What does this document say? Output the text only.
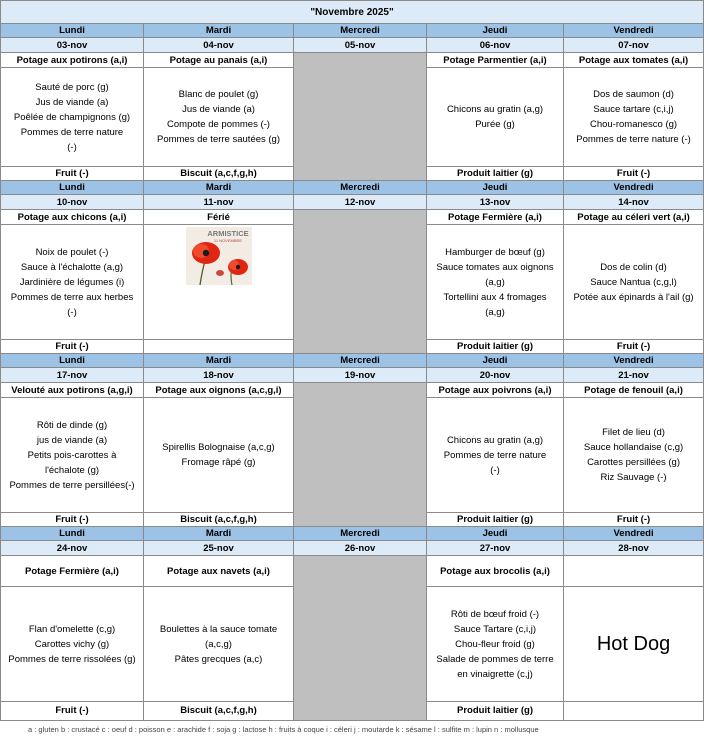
"Novembre 2025"				
Lundi	Mardi	Mercredi	Jeudi	Vendredi
03-nov	04-nov	05-nov	06-nov	07-nov
Potage aux potirons (a,i)	Potage au panais (a,i)		Potage Parmentier (a,i)	Potage aux tomates (a,i)

Sauté de porc (g)
Jus de viande (a)
Poêlée de champignons (g)
Pommes de terre nature
(-)	Blanc de poulet (g)
Jus de viande (a)
Compote de pommes (-)
Pommes de terre sautées (g)		Chicons au gratin (a,g)
Purée (g)	Dos de saumon (d)
Sauce tartare (c,i,j)
Chou-romanesco (g)
Pommes de terre nature (-)

Fruit (-)	Biscuit (a,c,f,g,h)		Produit laitier (g)	Fruit (-)
Lundi	Mardi	Mercredi	Jeudi	Vendredi
10-nov	11-nov	12-nov	13-nov	14-nov
Potage aux chicons (a,i)	Férié		Potage Fermière (a,i)	Potage au céleri vert (a,i)

Noix de poulet (-)
Sauce à l'échalotte (a,g)
Jardinière de légumes (i)
Pommes de terre aux herbes
(-)	ARMISTICE
11 NOVEMBRE		Hamburger de bœuf (g)
Sauce tomates aux oignons
(a,g)
Tortellini aux 4 fromages
(a,g)	Dos de colin (d)
Sauce Nantua (c,g,l)
Potée aux épinards à l'ail (g)

Fruit (-)			Produit laitier (g)	Fruit (-)
Lundi	Mardi	Mercredi	Jeudi	Vendredi
17-nov	18-nov	19-nov	20-nov	21-nov
Velouté aux potirons (a,g,i)	Potage aux oignons (a,c,g,i)		Potage aux poivrons (a,i)	Potage de fenouil (a,i)

Rôti de dinde (g)
jus de viande (a)
Petits pois-carottes à
l'échalote (g)
Pommes de terre persillées(-)	Spirellis Bolognaise (a,c,g)
Fromage râpé (g)		Chicons au gratin (a,g)
Pommes de terre nature
(-)	Filet de lieu (d)
Sauce hollandaise (c,g)
Carottes persillées (g)
Riz Sauvage (-)

Fruit (-)	Biscuit (a,c,f,g,h)		Produit laitier (g)	Fruit (-)
Lundi	Mardi	Mercredi	Jeudi	Vendredi
24-nov	25-nov	26-nov	27-nov	28-nov
Potage Fermière (a,i)	Potage aux navets (a,i)		Potage aux brocolis (a,i)	

Flan d'omelette (c,g)
Carottes vichy (g)
Pommes de terre rissolées (g)	Boulettes à la sauce tomate
(a,c,g)
Pâtes grecques (a,c)		Rôti de bœuf froid (-)
Sauce Tartare (c,i,j)
Chou-fleur froid (g)
Salade de pommes de terre
en vinaigrette (c,j)	Hot Dog

Fruit (-)	Biscuit (a,c,f,g,h)		Produit laitier (g)	
a : gluten b : crustacé c : oeuf d : poisson e : arachide f : soja g : lactose h : fruits à coque i : céleri j : moutarde k : sésame l : sulfite m : lupin n : mollusque
